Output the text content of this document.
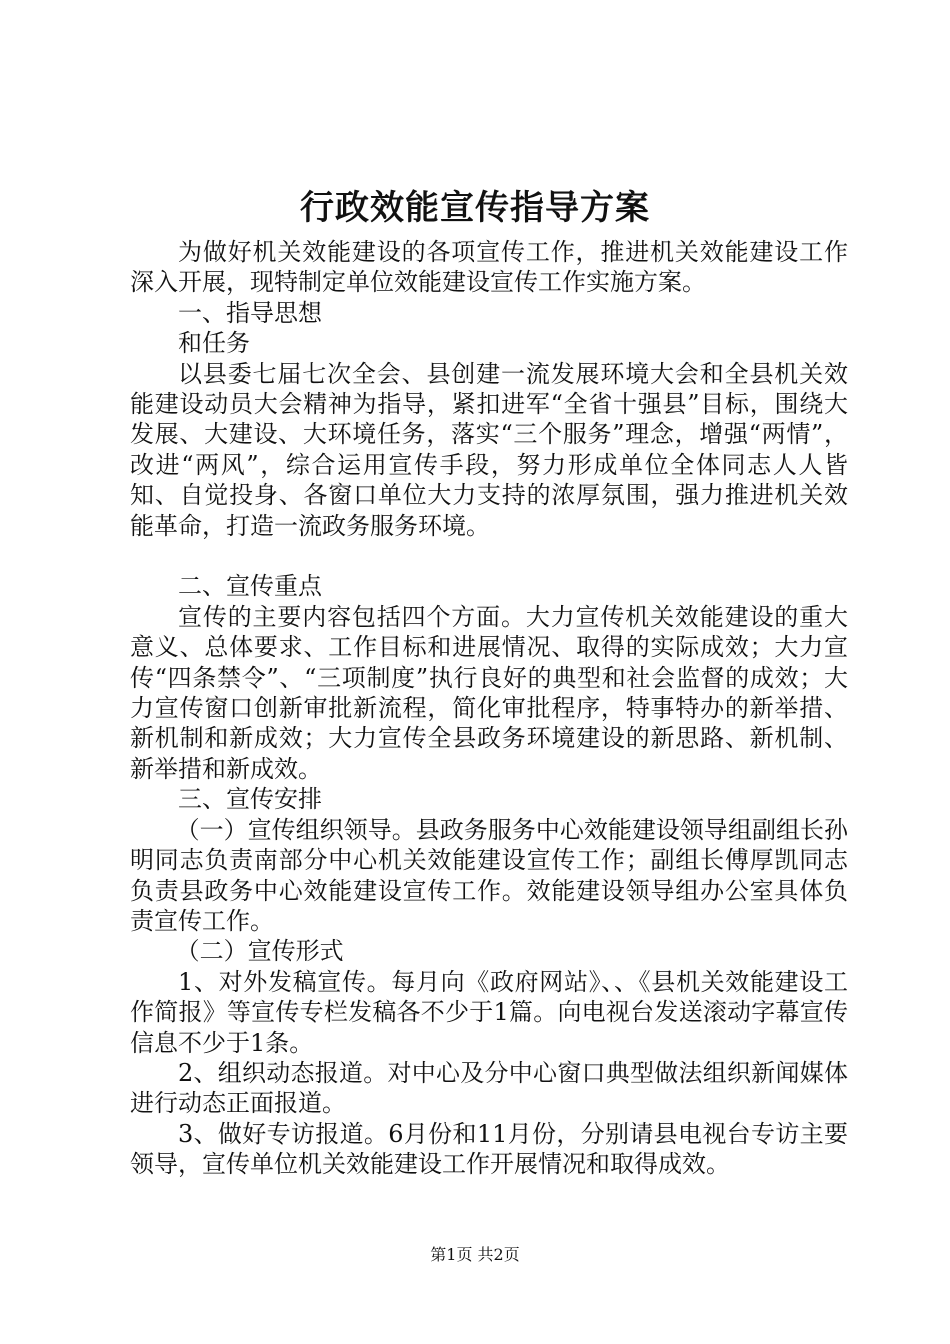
行政效能宣传指导方案

为做好机关效能建设的各项宣传工作，推进机关效能建设工作深入开展，现特制定单位效能建设宣传工作实施方案。

一、指导思想

和任务

以县委七届七次全会、县创建一流发展环境大会和全县机关效能建设动员大会精神为指导，紧扣进军“全省十强县”目标，围绕大发展、大建设、大环境任务，落实“三个服务”理念，增强“两情”，改进“两风”，综合运用宣传手段，努力形成单位全体同志人人皆知、自觉投身、各窗口单位大力支持的浓厚氛围，强力推进机关效能革命，打造一流政务服务环境。

二、宣传重点

宣传的主要内容包括四个方面。大力宣传机关效能建设的重大意义、总体要求、工作目标和进展情况、取得的实际成效；大力宣传“四条禁令”、“三项制度”执行良好的典型和社会监督的成效；大力宣传窗口创新审批新流程，简化审批程序，特事特办的新举措、新机制和新成效；大力宣传全县政务环境建设的新思路、新机制、新举措和新成效。

三、宣传安排

（一）宣传组织领导。县政务服务中心效能建设领导组副组长孙明同志负责南部分中心机关效能建设宣传工作；副组长傅厚凯同志负责县政务中心效能建设宣传工作。效能建设领导组办公室具体负责宣传工作。

（二）宣传形式

1、对外发稿宣传。每月向《政府网站》、、《县机关效能建设工作简报》等宣传专栏发稿各不少于1篇。向电视台发送滚动字幕宣传信息不少于1条。

2、组织动态报道。对中心及分中心窗口典型做法组织新闻媒体进行动态正面报道。

3、做好专访报道。6月份和11月份，分别请县电视台专访主要领导，宣传单位机关效能建设工作开展情况和取得成效。

第1页 共2页
